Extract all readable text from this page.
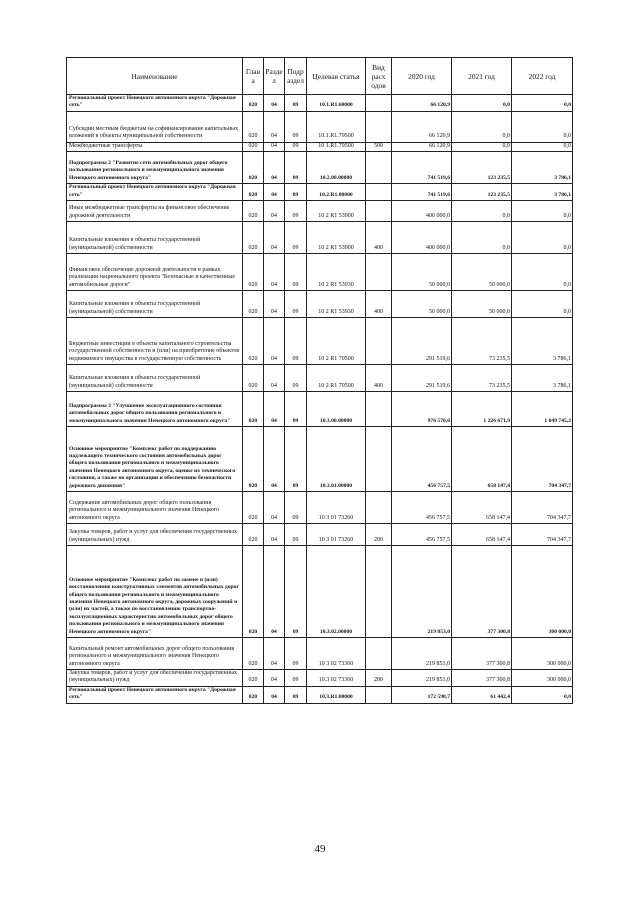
Наименование	Глав а	Разде л	Подр аздел	Целевая статья	Вид расх одов	2020 год	2021 год	2022 год
Региональный проект Ненецкого автономного округа "Дорожная сеть"	020	04	09	10.1.R1.60000		66 120,9	0,0	0,0
Субсидии местным бюджетам на софинансирование капитальных вложений в объекты муниципальной собственности	020	04	09	10.1.R1.79500		66 120,9	0,0	0,0
Межбюджетные трансферты	020	04	09	10 1.R1.79500	500	66 120,9	0,0	0,0
Подпрограмма 2 "Развитие сети автомобильных дорог общего пользования регионального и межмуниципального значения Ненецкого автономного округа"	020	04	09	10.2.00.00000		741 519,6	123 235,5	3 786,1
Региональный проект Ненецкого автономного округа "Дорожная сеть"	020	04	09	10.2.R1.00000		741 519,6	123 235,5	3 786,1
Иные межбюджетные трансферты на финансовое обеспечение дорожной деятельности	020	04	09	10 2 R1 53900		400 000,0	0,0	0,0
Капитальные вложения в объекты государственной (муниципальной) собственности	020	04	09	10 2 R1 53900	400	400 000,0	0,0	0,0
Финансовое обеспечение дорожной деятельности в рамках реализации национального проекта "Безопасные и качественные автомобильные дороги"	020	04	09	10 2 R1 53930		50 000,0	50 000,0	0,0
Капитальные вложения в объекты государственной (муниципальной) собственности	020	04	09	10 2 R1 53930	400	50 000,0	50 000,0	0,0
Бюджетные инвестиции в объекты капитального строительства государственной собственности и (или) на приобретение объектов недвижимого имущества в государственную собственность	020	04	09	10 2 R1 70500		291 519,6	73 235,5	3 786,1
Капитальные вложения в объекты государственной (муниципальной) собственности	020	04	09	10 2 R1 70500	400	291 519,6	73 235,5	3 786,1
Подпрограмма 3 "Улучшение эксплуатационного состояния автомобильных дорог общего пользования регионального и межмуниципального значения Ненецкого автономного округа"	020	04	09	10.3.00.00000		976 576,6	1 226 671,9	1 049 745,2
Основное мероприятие "Комплекс работ по поддержанию надлежащего технического состояния автомобильных дорог общего пользования регионального и межмуниципального значения Ненецкого автономного округа, оценке их технического состояния, а также по организации и обеспечению безопасности дорожного движения"	020	04	09	10.3.01.00000		456 757,5	658 147,4	704 347,7
Содержание автомобильных дорог общего пользования регионального и межмуниципального значения Ненецкого автономного округа	020	04	09	10 3 01 73260		456 757,5	658 147,4	704 347,7
Закупка товаров, работ и услуг для обеспечения государственных (муниципальных) нужд	020	04	09	10 3 01 73260	200	456 757,5	658 147,4	704 347,7
Основное мероприятие "Комплекс работ по замене и (или) восстановлению конструктивных элементов автомобильных дорог общего пользования регионального и межмуниципального значения Ненецкого автономного округа, дорожных сооружений и (или) их частей, а также по восстановлению транспортно-эксплуатационных характеристик автомобильных дорог общего пользования регионального и межмуниципального значения Ненецкого автономного округа"	020	04	09	10.3.02.00000		219 853,0	377 300,8	300 000,0
Капитальный ремонт автомобильных дорог общего пользования регионального и межмуниципального значения Ненецкого автономного округа	020	04	09	10 3 02 73360		219 853,0	377 300,8	300 000,0
Закупка товаров, работ и услуг для обеспечения государственных (муниципальных) нужд	020	04	09	10.3 02 73360	200	219 853,0	377 300,8	300 000,0
Региональный проект Ненецкого автономного округа "Дорожная сеть"	020	04	09	10.3.R1.00000		172 598,7	61 442,4	0,0
49
